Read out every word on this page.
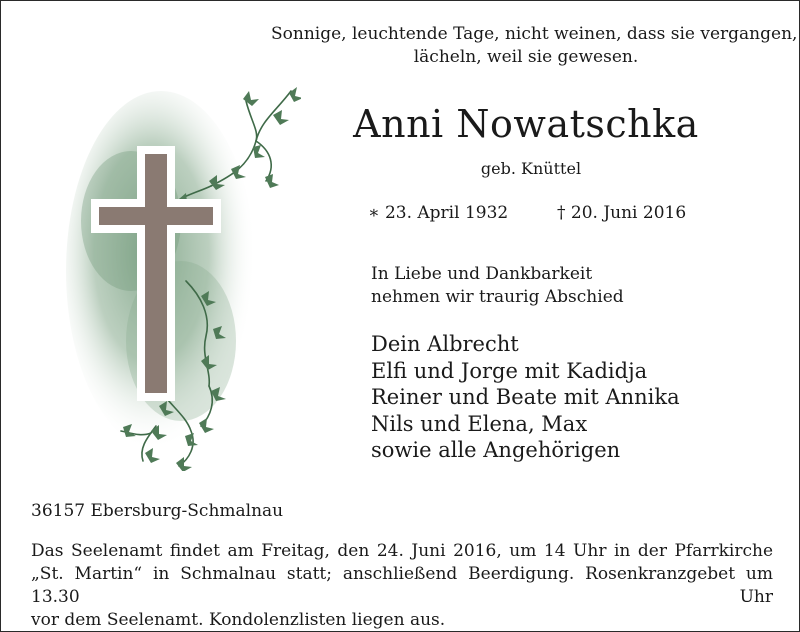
Sonnige, leuchtende Tage, nicht weinen, dass sie vergangen,
lächeln, weil sie gewesen.
Anni Nowatschka
geb. Knüttel
∗ 23. April 1932	† 20. Juni 2016
In Liebe und Dankbarkeit
nehmen wir traurig Abschied
Dein Albrecht
Elfi und Jorge mit Kadidja
Reiner und Beate mit Annika
Nils und Elena, Max
sowie alle Angehörigen
36157 Ebersburg-Schmalnau
Das Seelenamt findet am Freitag, den 24. Juni 2016, um 14 Uhr in der Pfarrkirche
„St. Martin“ in Schmalnau statt; anschließend Beerdigung. Rosenkranzgebet um 13.30 Uhr
vor dem Seelenamt. Kondolenzlisten liegen aus.
